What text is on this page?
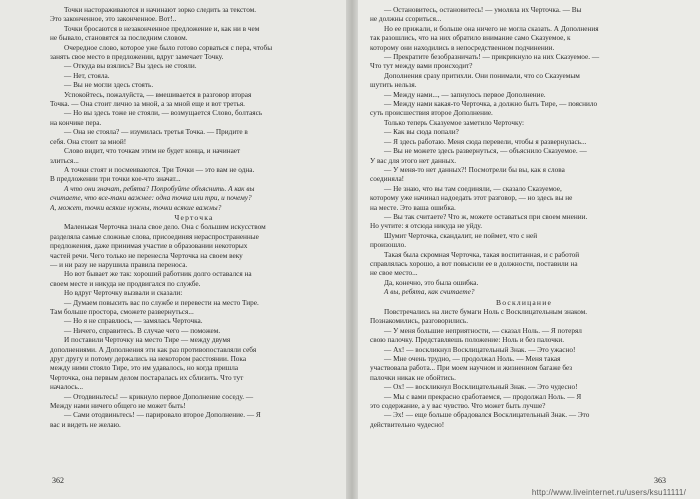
Точки настораживаются и начинают зорко следить за текстом.
Это законченное, это законченное. Вот!..
Точки бросаются в незаконченное предложение и, как ни в чем
не бывало, становятся за последним словом.
Очередное слово, которое уже было готово сорваться с пера, чтобы
занять свое место в предложении, вдруг замечает Точку.
— Откуда вы взялись? Вы здесь не стояли.
— Нет, стояла.
— Вы не могли здесь стоять.
Успокойтесь, пожалуйста, — вмешивается в разговор вторая
Точка. — Она стоит лично за мной, а за мной еще и вот третья.
— Но вы здесь тоже не стояли, — возмущается Слово, болтаясь
на кончике пера.
— Она не стояла? — изумилась третья Точка. — Придите в
себя. Она стоит за мной!
Слово видит, что точкам этим не будет конца, и начинает
злиться...
А точки стоят и посмеиваются. Три Точки — это вам не одна.
В предложении три точки кое-что значат...
А что они значат, ребята? Попробуйте объяснить. А как вы
считаете, что все-таки важнее: одна точка или три, и почему?
А, может, точки всякие нужны, точки всякие важны?
Черточка
Маленькая Черточка знала свое дело. Она с большим искусством
разделяла самые сложные слова, присоединяя нераспространенные
предложения, даже принимая участие в образовании некоторых
частей речи. Чего только не перенесла Черточка на своем веку
— и ни разу не нарушила правила переноса.
Но вот бывает же так: хороший работник долго оставался на
своем месте и никуда не продвигался по службе.
Но вдруг Черточку вызвали и сказали:
— Думаем повысить вас по службе и перевести на место Тире.
Там больше простора, сможете развернуться...
— Но я не справлюсь, — замялась Черточка.
— Ничего, справитесь. В случае чего — поможем.
И поставили Черточку на место Тире — между двумя
дополнениями. А Дополнения эти как раз противопоставляли себя
друг другу и потому держались на некотором расстоянии. Пока
между ними стояло Тире, это им удавалось, но когда пришла
Черточка, она первым делом постаралась их сблизить. Что тут
началось...
— Отодвиньтесь! — крикнуло первое Дополнение соседу. —
Между нами ничего общего не может быть!
— Сами отодвиньтесь! — парировало второе Дополнение. — Я
вас и видеть не желаю.
362
— Остановитесь, остановитесь! — умоляла их Черточка. — Вы
не должны ссориться...
Но ее прижали, и больше она ничего не могла сказать. А Дополнения
так разошлись, что на них обратило внимание само Сказуемое, к
которому они находились в непосредственном подчинении.
— Прекратите безобразничать! — прикрикнуло на них Сказуемое. —
Что тут между вами происходит?
Дополнения сразу притихли. Они понимали, что со Сказуемым
шутить нельзя.
— Между нами..., — запнулось первое Дополнение.
— Между нами какая-то Черточка, а должно быть Тире, — пояснило
суть происшествия второе Дополнение.
Только теперь Сказуемое заметило Черточку:
— Как вы сюда попали?
— Я здесь работаю. Меня сюда перевели, чтобы я развернулась...
— Вы не можете здесь развернуться, — объяснило Сказуемое. —
У вас для этого нет данных.
— У меня-то нет данных?! Посмотрели бы вы, как я слова
соединяла!
— Не знаю, что вы там соединяли, — сказало Сказуемое,
которому уже начинал надоедать этот разговор, — но здесь вы не
на месте. Это ваша ошибка.
— Вы так считаете? Что ж, можете оставаться при своем мнении.
Но учтите: я отсюда никуда не уйду.
Шумит Черточка, скандалит, не поймет, что с ней
произошло.
Такая была скромная Черточка, такая воспитанная, и с работой
справлялась хорошо, а вот повысили ее в должности, поставили на
не свое место...
Да, конечно, это была ошибка.
А вы, ребята, как считаете?
Восклицание
Повстречались на листе бумаги Ноль с Восклицательным знаком.
Познакомились, разговорились.
— У меня большие неприятности, — сказал Ноль. — Я потерял
свою палочку. Представляешь положение: Ноль и без палочки.
— Ах! — воскликнул Восклицательный Знак. — Это ужасно!
— Мне очень трудно, — продолжал Ноль. — Меня такая
участвовала работа... При моем научном и жизненном багаже без
палочки никак не обойтись.
— Ох! — воскликнул Восклицательный Знак. — Это чудесно!
— Мы с вами прекрасно сработаемся, — продолжал Ноль. — Я
это содержание, а у вас чувство. Что может быть лучше?
— Эх! — еще больше обрадовался Восклицательный Знак. — Это
действительно чудесно!
363
http://www.liveinternet.ru/users/ksu11111/
